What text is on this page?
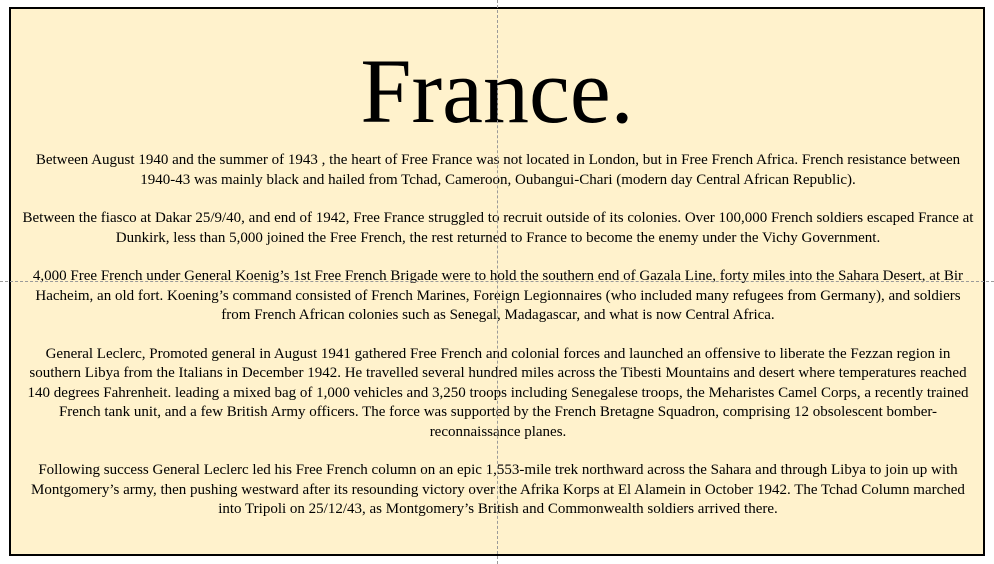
France.

Between August 1940 and the summer of 1943 , the heart of Free France was not located in London, but in Free French Africa. French resistance between 1940-43 was mainly black and hailed from Tchad, Cameroon, Oubangui-Chari (modern day Central African Republic).

Between the fiasco at Dakar 25/9/40, and end of 1942, Free France struggled to recruit outside of its colonies. Over 100,000 French soldiers escaped France at Dunkirk, less than 5,000 joined the Free French, the rest returned to France to become the enemy under the Vichy Government.

4,000 Free French under General Koenig’s 1st Free French Brigade were to hold the southern end of Gazala Line, forty miles into the Sahara Desert, at Bir Hacheim, an old fort. Koening’s command consisted of French Marines, Foreign Legionnaires (who included many refugees from Germany), and soldiers from French African colonies such as Senegal, Madagascar, and what is now Central Africa.

General Leclerc, Promoted general in August 1941 gathered Free French and colonial forces and launched an offensive to liberate the Fezzan region in southern Libya from the Italians in December 1942. He travelled several hundred miles across the Tibesti Mountains and desert where temperatures reached 140 degrees Fahrenheit. leading a mixed bag of 1,000 vehicles and 3,250 troops including Senegalese troops, the Meharistes Camel Corps, a recently trained French tank unit, and a few British Army officers. The force was supported by the French Bretagne Squadron, comprising 12 obsolescent bomber-reconnaissance planes.

Following success General Leclerc led his Free French column on an epic 1,553-mile trek northward across the Sahara and through Libya to join up with Montgomery’s army, then pushing westward after its resounding victory over the Afrika Korps at El Alamein in October 1942. The Tchad Column marched into Tripoli on 25/12/43, as Montgomery’s British and Commonwealth soldiers arrived there.
